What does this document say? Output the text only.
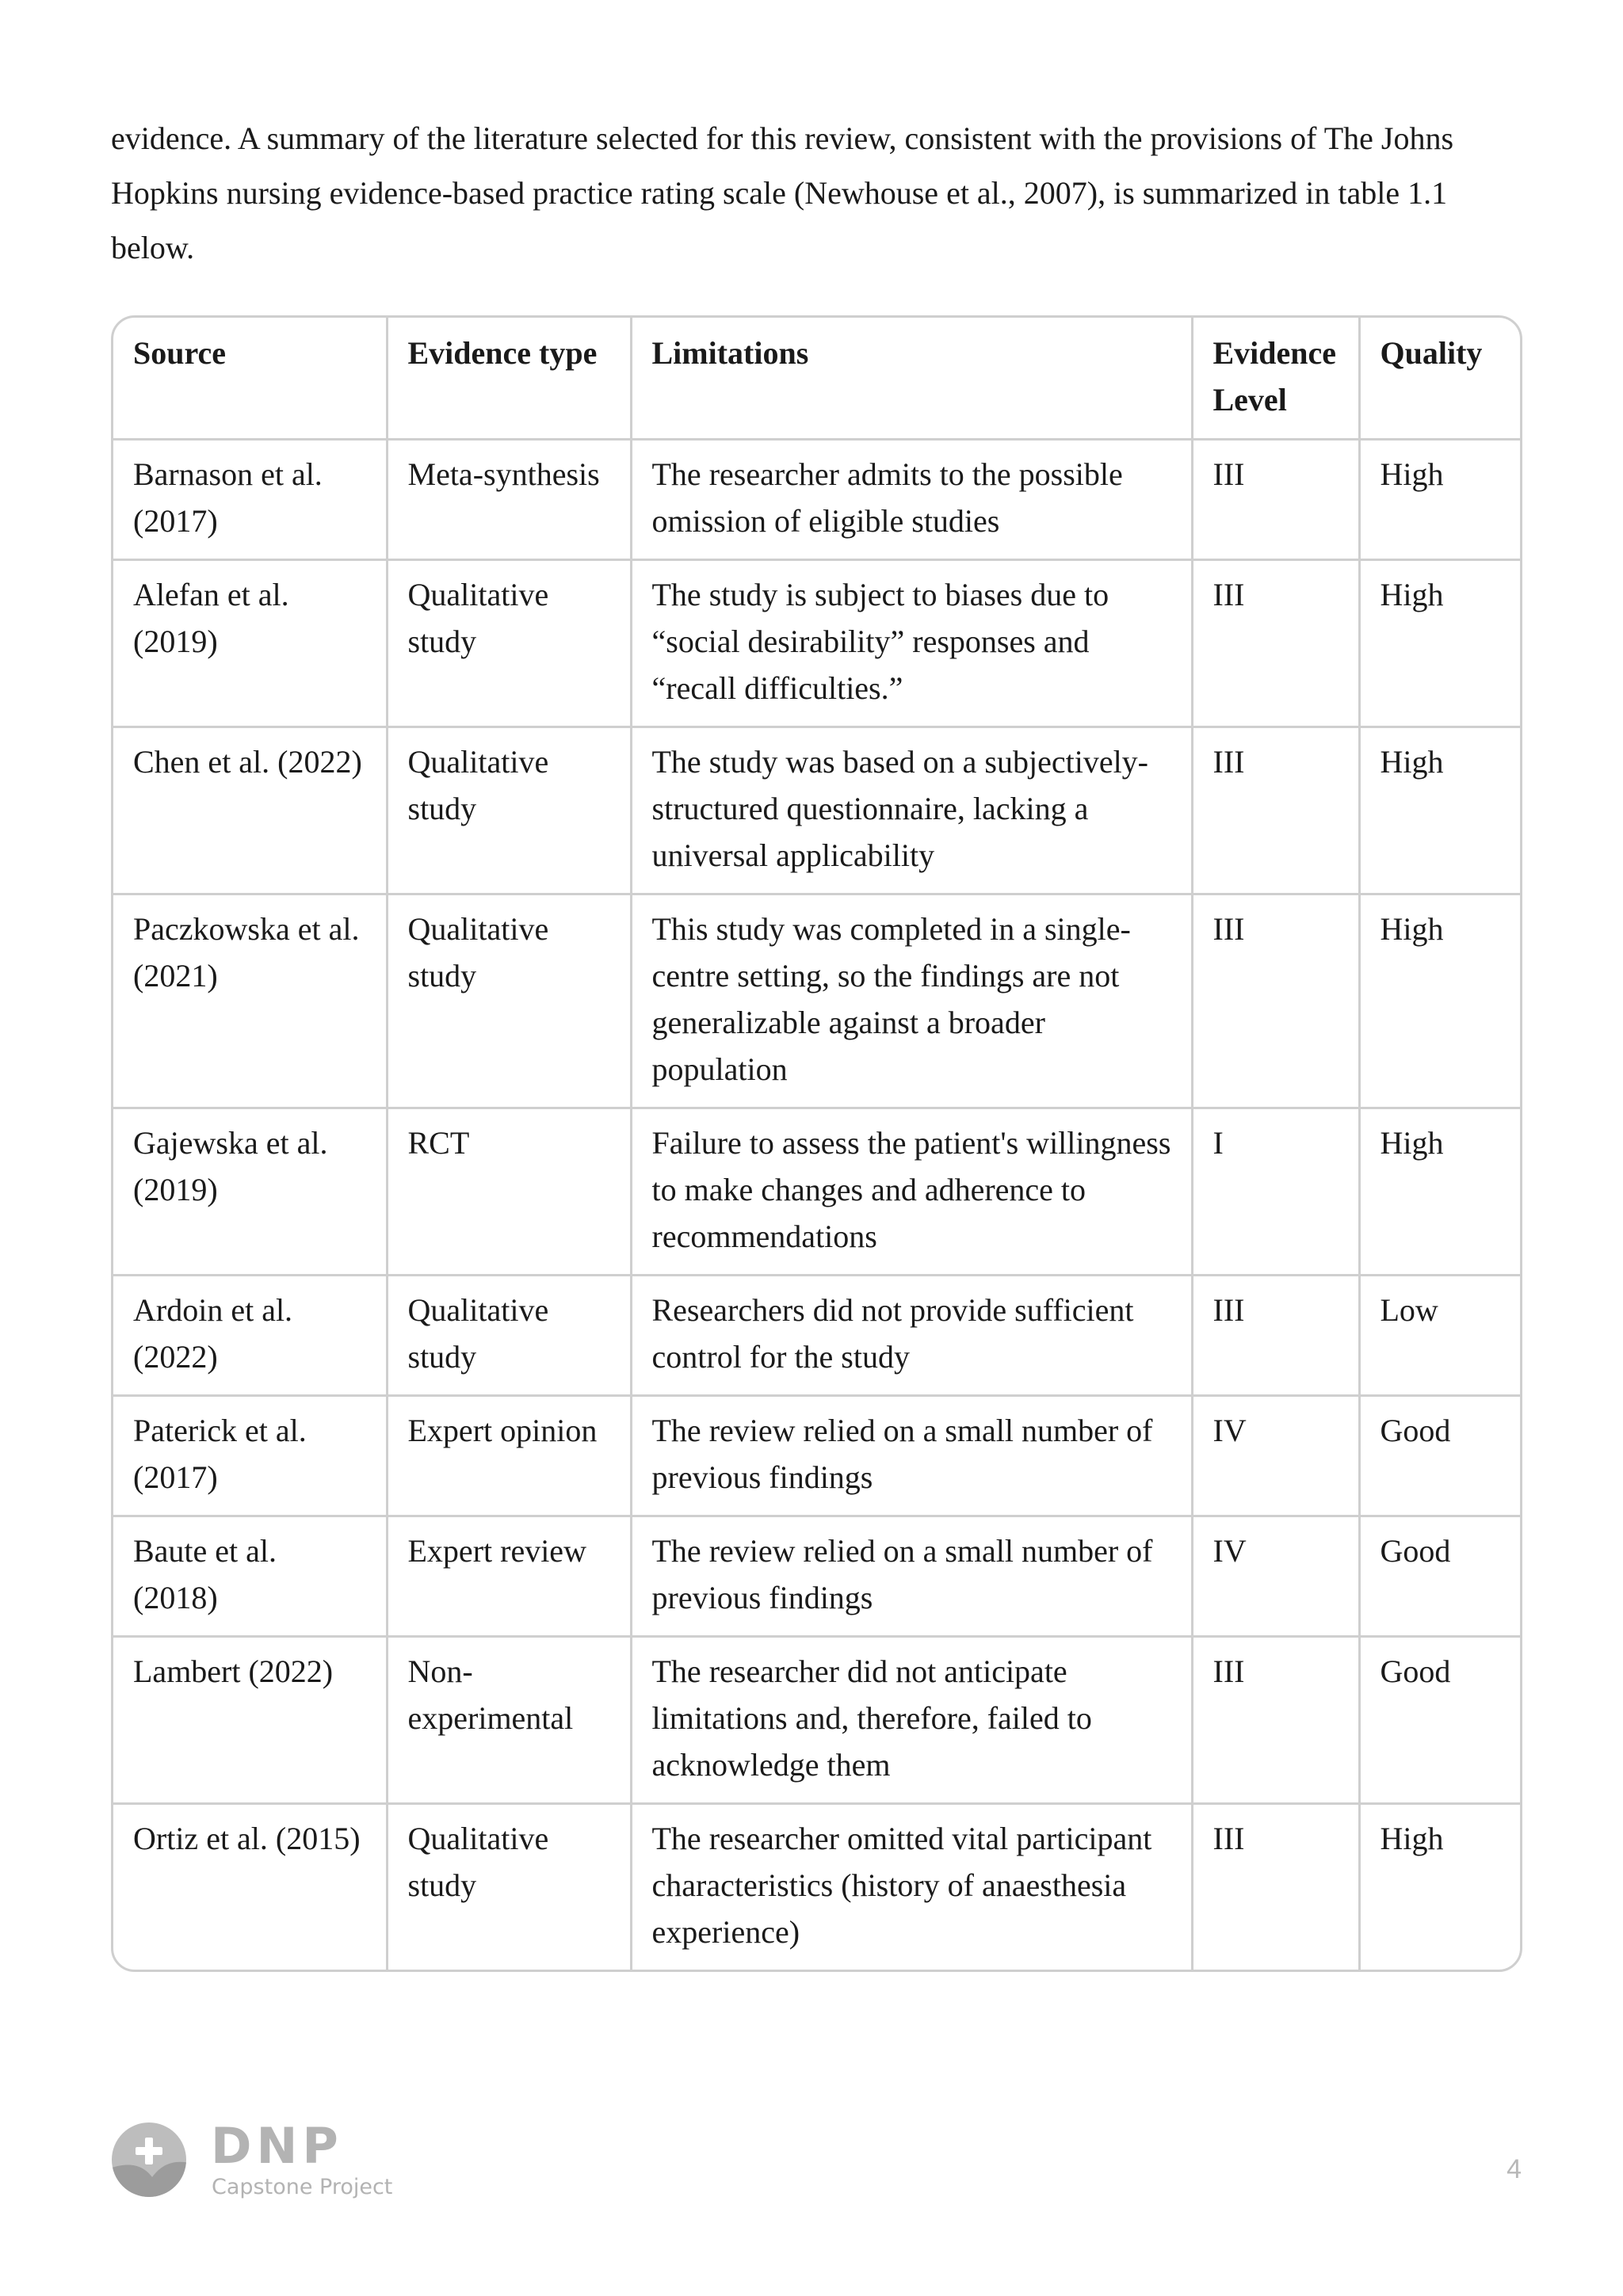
evidence. A summary of the literature selected for this review, consistent with the provisions of The Johns Hopkins nursing evidence-based practice rating scale (Newhouse et al., 2007), is summarized in table 1.1 below.

Source	Evidence type	Limitations	Evidence Level	Quality
Barnason et al. (2017)	Meta-synthesis	The researcher admits to the possible omission of eligible studies	III	High
Alefan et al. (2019)	Qualitative study	The study is subject to biases due to “social desirability” responses and “recall difficulties.”	III	High
Chen et al. (2022)	Qualitative study	The study was based on a subjectively-structured questionnaire, lacking a universal applicability	III	High
Paczkowska et al. (2021)	Qualitative study	This study was completed in a single-centre setting, so the findings are not generalizable against a broader population	III	High
Gajewska et al. (2019)	RCT	Failure to assess the patient's willingness to make changes and adherence to recommendations	I	High
Ardoin et al. (2022)	Qualitative study	Researchers did not provide sufficient control for the study	III	Low
Paterick et al. (2017)	Expert opinion	The review relied on a small number of previous findings	IV	Good
Baute et al. (2018)	Expert review	The review relied on a small number of previous findings	IV	Good
Lambert (2022)	Non-experimental	The researcher did not anticipate limitations and, therefore, failed to acknowledge them	III	Good
Ortiz et al. (2015)	Qualitative study	The researcher omitted vital participant characteristics (history of anaesthesia experience)	III	High
DNP
Capstone Project
4
